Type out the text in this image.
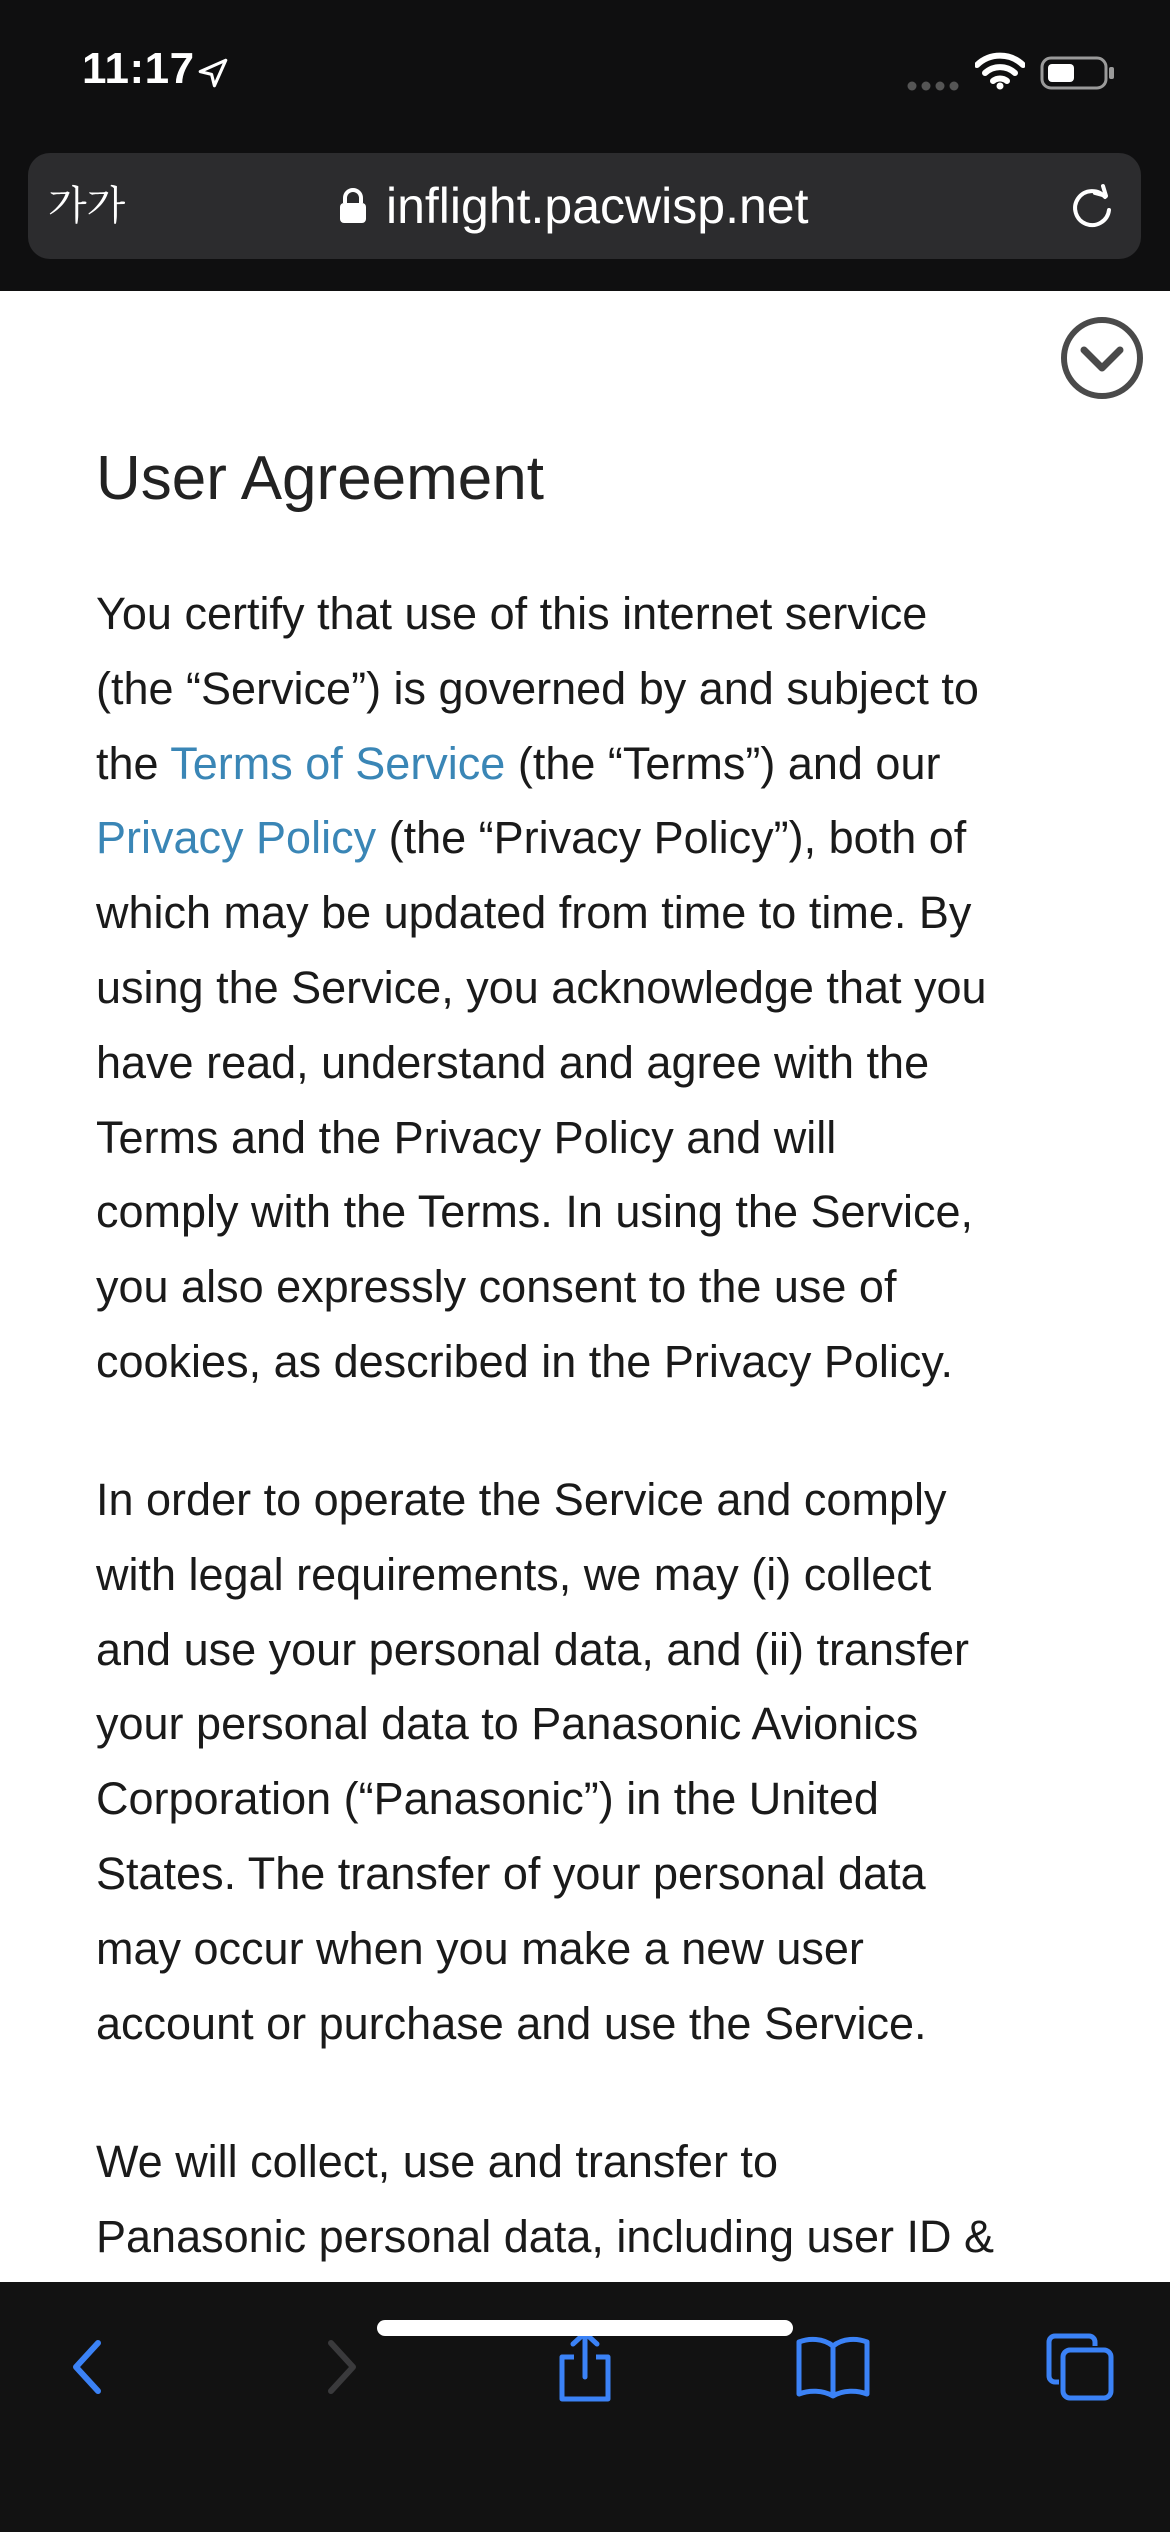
11:17
가가	inflight.pacwisp.net
User Agreement

You certify that use of this internet service
(the “Service”) is governed by and subject to
the Terms of Service (the “Terms”) and our
Privacy Policy (the “Privacy Policy”), both of
which may be updated from time to time. By
using the Service, you acknowledge that you
have read, understand and agree with the
Terms and the Privacy Policy and will
comply with the Terms. In using the Service,
you also expressly consent to the use of
cookies, as described in the Privacy Policy.

In order to operate the Service and comply
with legal requirements, we may (i) collect
and use your personal data, and (ii) transfer
your personal data to Panasonic Avionics
Corporation (“Panasonic”) in the United
States. The transfer of your personal data
may occur when you make a new user
account or purchase and use the Service.

We will collect, use and transfer to
Panasonic personal data, including user ID &
